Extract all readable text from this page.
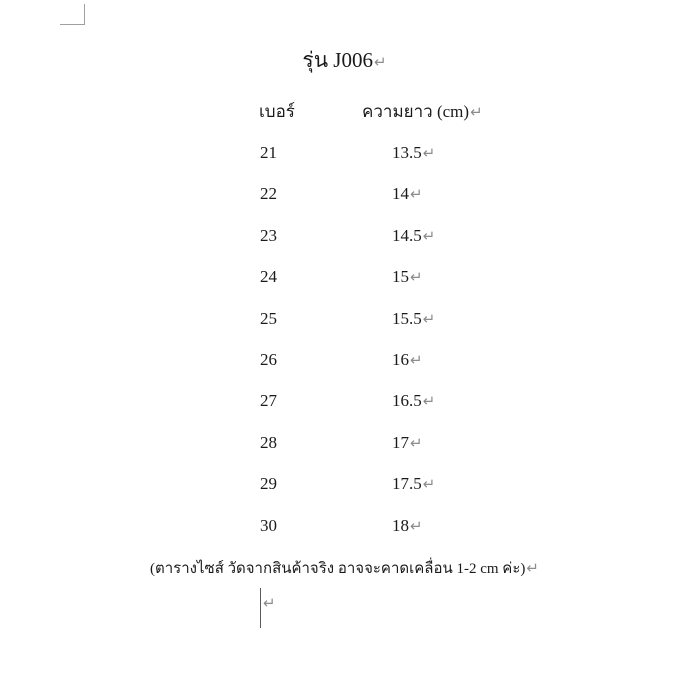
รุ่น J006↵
เบอร์	ความยาว (cm)↵
21	13.5↵
22	14↵
23	14.5↵
24	15↵
25	15.5↵
26	16↵
27	16.5↵
28	17↵
29	17.5↵
30	18↵
(ตารางไซส์ วัดจากสินค้าจริง อาจจะคาดเคลื่อน 1-2 cm ค่ะ)↵
↵
